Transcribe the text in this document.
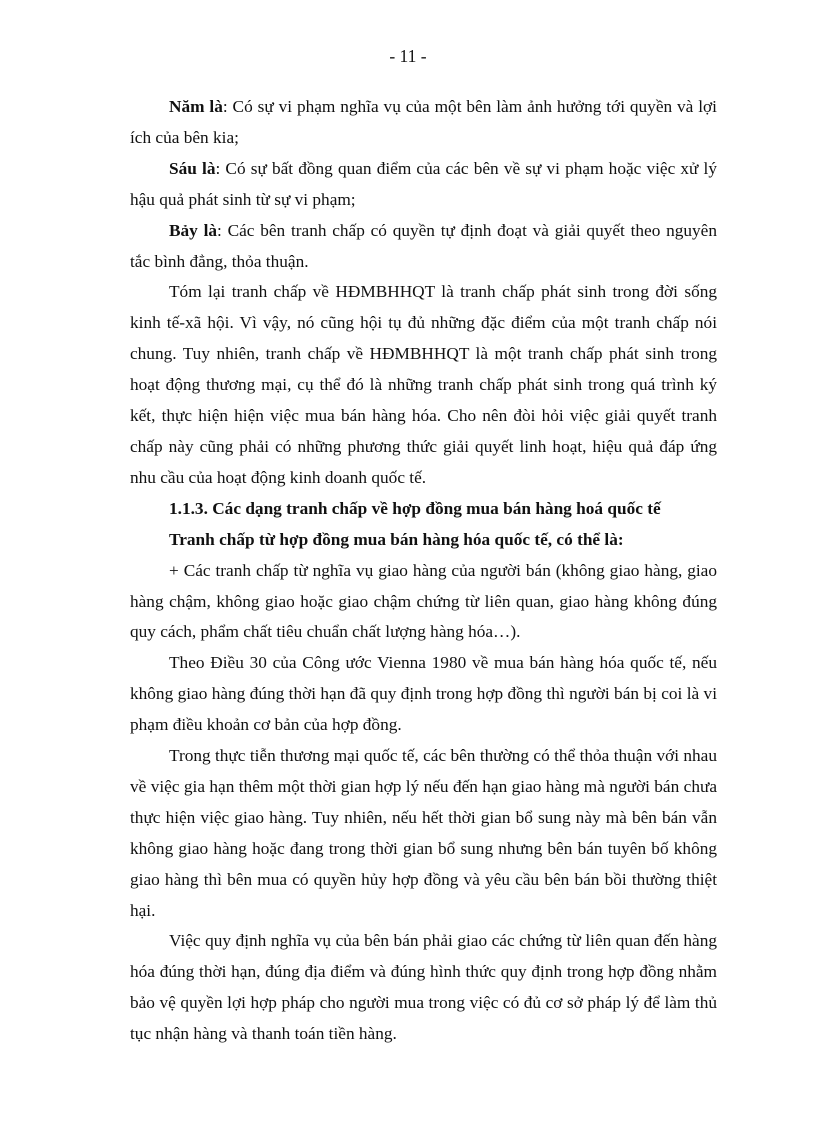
- 11 -

Năm là: Có sự vi phạm nghĩa vụ của một bên làm ảnh hưởng tới quyền và lợi ích của bên kia;

Sáu là: Có sự bất đồng quan điểm của các bên về sự vi phạm hoặc việc xử lý hậu quả phát sinh từ sự vi phạm;

Bảy là: Các bên tranh chấp có quyền tự định đoạt và giải quyết theo nguyên tắc bình đẳng, thỏa thuận.

Tóm lại tranh chấp về HĐMBHHQT là tranh chấp phát sinh trong đời sống kinh tế-xã hội. Vì vậy, nó cũng hội tụ đủ những đặc điểm của một tranh chấp nói chung. Tuy nhiên, tranh chấp về HĐMBHHQT là một tranh chấp phát sinh trong hoạt động thương mại, cụ thể đó là những tranh chấp phát sinh trong quá trình ký kết, thực hiện hiện việc mua bán hàng hóa. Cho nên đòi hỏi việc giải quyết tranh chấp này cũng phải có những phương thức giải quyết linh hoạt, hiệu quả đáp ứng nhu cầu của hoạt động kinh doanh quốc tế.

1.1.3. Các dạng tranh chấp về hợp đồng mua bán hàng hoá quốc tế

Tranh chấp từ hợp đồng mua bán hàng hóa quốc tế, có thể là:

+ Các tranh chấp từ nghĩa vụ giao hàng của người bán (không giao hàng, giao hàng chậm, không giao hoặc giao chậm chứng từ liên quan, giao hàng không đúng quy cách, phẩm chất tiêu chuẩn chất lượng hàng hóa…).

Theo Điều 30 của Công ước Vienna 1980 về mua bán hàng hóa quốc tế, nếu không giao hàng đúng thời hạn đã quy định trong hợp đồng thì người bán bị coi là vi phạm điều khoản cơ bản của hợp đồng.

Trong thực tiễn thương mại quốc tế, các bên thường có thể thỏa thuận với nhau về việc gia hạn thêm một thời gian hợp lý nếu đến hạn giao hàng mà người bán chưa thực hiện việc giao hàng. Tuy nhiên, nếu hết thời gian bổ sung này mà bên bán vẫn không giao hàng hoặc đang trong thời gian bổ sung nhưng bên bán tuyên bố không giao hàng thì bên mua có quyền hủy hợp đồng và yêu cầu bên bán bồi thường thiệt hại.

Việc quy định nghĩa vụ của bên bán phải giao các chứng từ liên quan đến hàng hóa đúng thời hạn, đúng địa điểm và đúng hình thức quy định trong hợp đồng nhằm bảo vệ quyền lợi hợp pháp cho người mua trong việc có đủ cơ sở pháp lý để làm thủ tục nhận hàng và thanh toán tiền hàng.
